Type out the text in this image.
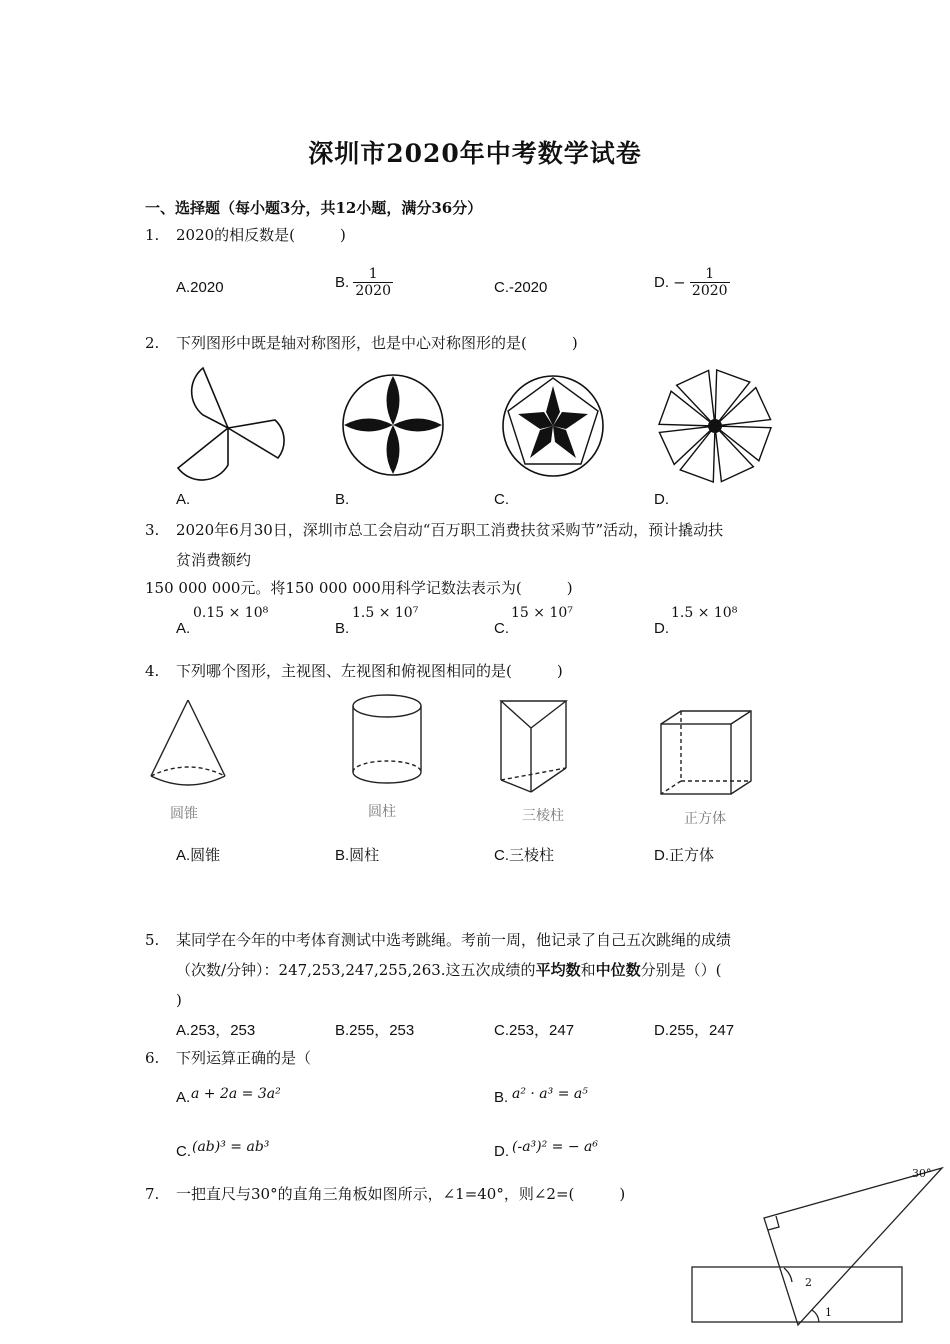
深圳市2020年中考数学试卷
一、选择题（每小题3分，共12小题，满分36分）
1. 2020的相反数是(　　　)
A.2020	B. $\frac{1}{2020}$	C.-2020	D. − $\frac{1}{2020}$
2. 下列图形中既是轴对称图形，也是中心对称图形的是(　　　)
A.	B.	C.	D.
3. 2020年6月30日，深圳市总工会启动“百万职工消费扶贫采购节”活动，预计撬动扶
贫消费额约
150 000 000元。将150 000 000用科学记数法表示为(　　　)
A.
0.15 × 10⁸
B.
1.5 × 10⁷
C.
15 × 10⁷
D.
1.5 × 10⁸
4. 下列哪个图形，主视图、左视图和俯视图相同的是(　　　)
圆锥	圆柱	三棱柱	正方体
A.圆锥	B.圆柱	C.三棱柱	D.正方体
5. 某同学在今年的中考体育测试中选考跳绳。考前一周，他记录了自己五次跳绳的成绩
（次数/分钟）：247,253,247,255,263.这五次成绩的平均数和中位数分别是（）(
)
A.253，253	B.255，253	C.253，247	D.255，247
6. 下列运算正确的是（
A. a + 2a = 3a²	B. a² · a³ = a⁵
C. (ab)³ = ab³	D. (-a³)² = − a⁶
7. 一把直尺与30°的直角三角板如图所示，∠1=40°，则∠2=(　　　)
30°
2
1
